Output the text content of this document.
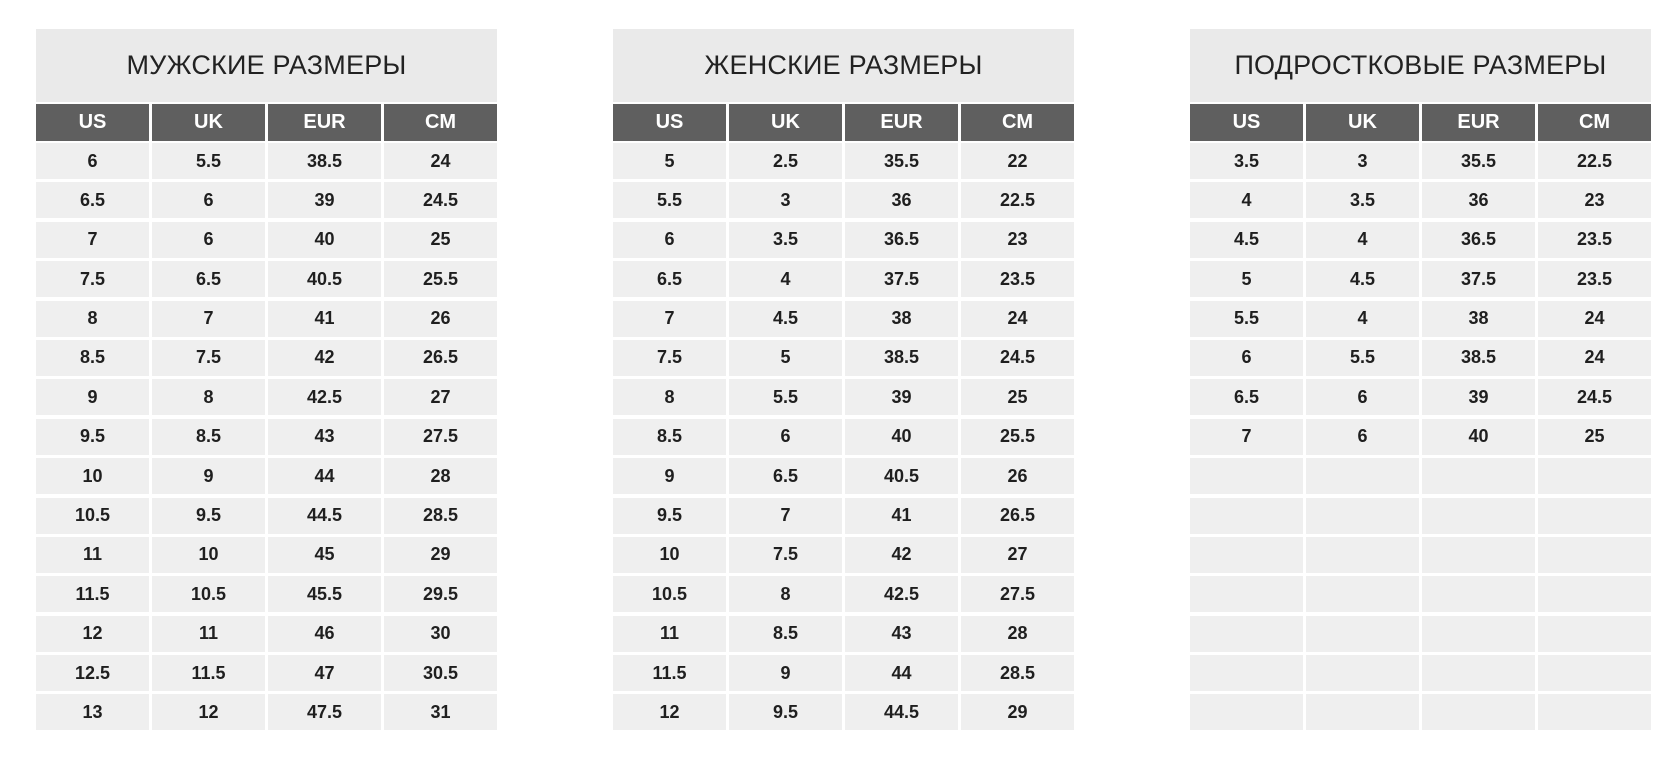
МУЖСКИЕ РАЗМЕРЫ
US	UK	EUR	CM
6	5.5	38.5	24
6.5	6	39	24.5
7	6	40	25
7.5	6.5	40.5	25.5
8	7	41	26
8.5	7.5	42	26.5
9	8	42.5	27
9.5	8.5	43	27.5
10	9	44	28
10.5	9.5	44.5	28.5
11	10	45	29
11.5	10.5	45.5	29.5
12	11	46	30
12.5	11.5	47	30.5
13	12	47.5	31
ЖЕНСКИЕ РАЗМЕРЫ
US	UK	EUR	CM
5	2.5	35.5	22
5.5	3	36	22.5
6	3.5	36.5	23
6.5	4	37.5	23.5
7	4.5	38	24
7.5	5	38.5	24.5
8	5.5	39	25
8.5	6	40	25.5
9	6.5	40.5	26
9.5	7	41	26.5
10	7.5	42	27
10.5	8	42.5	27.5
11	8.5	43	28
11.5	9	44	28.5
12	9.5	44.5	29
ПОДРОСТКОВЫЕ РАЗМЕРЫ
US	UK	EUR	CM
3.5	3	35.5	22.5
4	3.5	36	23
4.5	4	36.5	23.5
5	4.5	37.5	23.5
5.5	4	38	24
6	5.5	38.5	24
6.5	6	39	24.5
7	6	40	25
